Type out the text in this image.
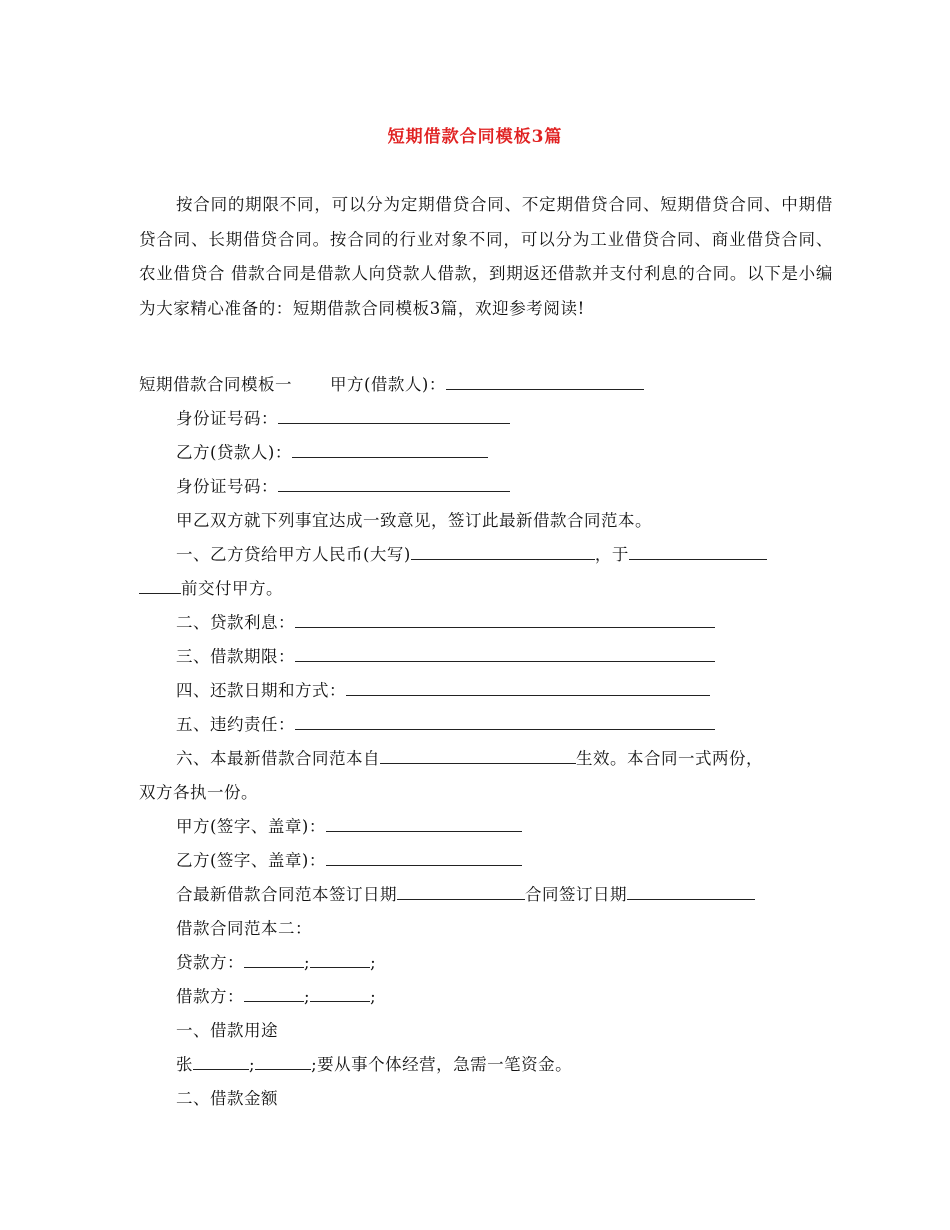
短期借款合同模板3篇
按合同的期限不同，可以分为定期借贷合同、不定期借贷合同、短期借贷合同、中期借贷合同、长期借贷合同。按合同的行业对象不同，可以分为工业借贷合同、商业借贷合同、农业借贷合 借款合同是借款人向贷款人借款，到期返还借款并支付利息的合同。以下是小编为大家精心准备的：短期借款合同模板3篇，欢迎参考阅读!
短期借款合同模板一 甲方(借款人)：
身份证号码：
乙方(贷款人)：
身份证号码：
甲乙双方就下列事宜达成一致意见，签订此最新借款合同范本。
一、乙方贷给甲方人民币(大写)	，于
前交付甲方。
二、贷款利息：
三、借款期限：
四、还款日期和方式：
五、违约责任：
六、本最新借款合同范本自	生效。本合同一式两份，
双方各执一份。
甲方(签字、盖章)：
乙方(签字、盖章)：
合最新借款合同范本签订日期	合同签订日期
借款合同范本二：
贷款方：	;	;
借款方：	;	;
一、借款用途
张	;	;要从事个体经营，急需一笔资金。
二、借款金额
